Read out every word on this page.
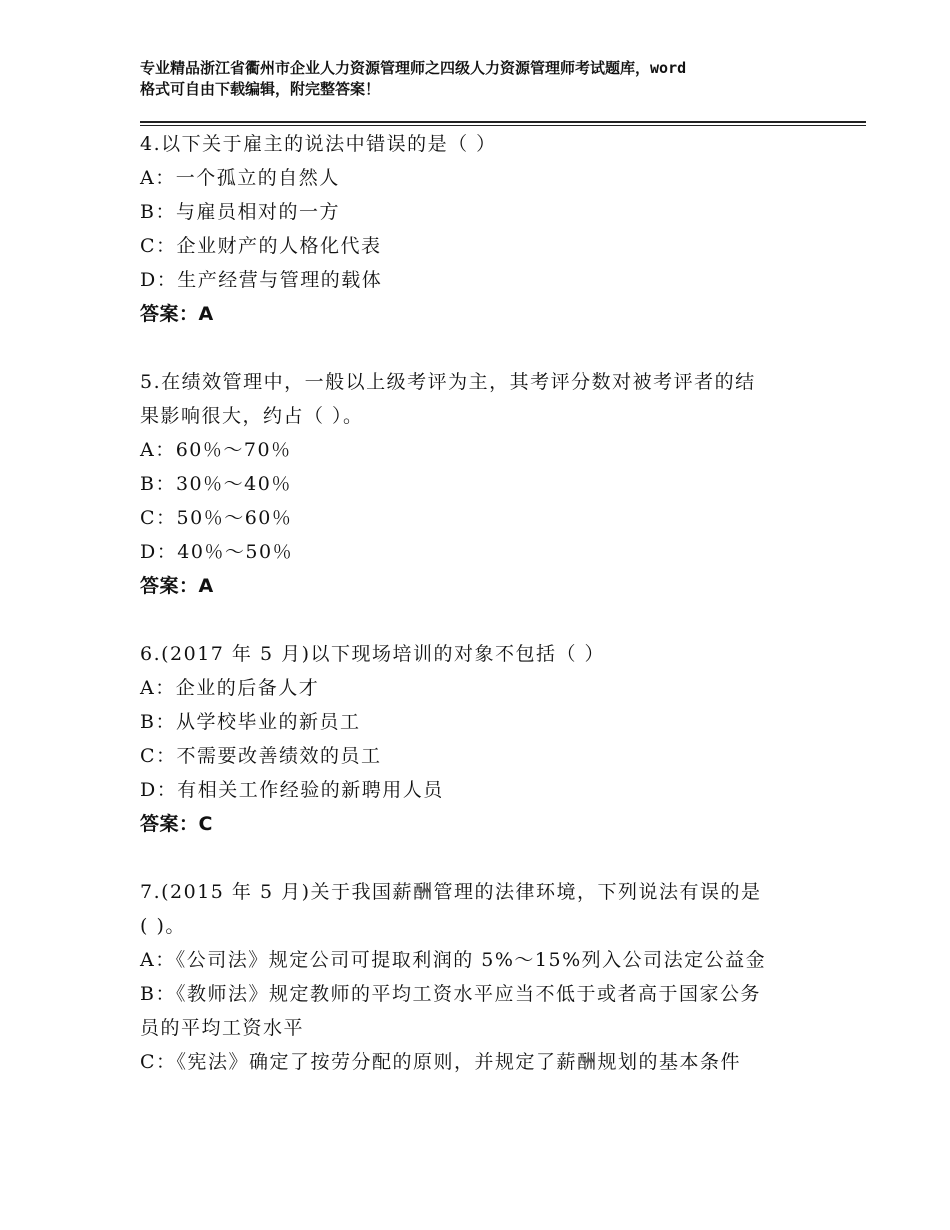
专业精品浙江省衢州市企业人力资源管理师之四级人力资源管理师考试题库，word
格式可自由下载编辑，附完整答案！
4.以下关于雇主的说法中错误的是（ ）
A：一个孤立的自然人
B：与雇员相对的一方
C：企业财产的人格化代表
D：生产经营与管理的载体
答案：A
5.在绩效管理中，一般以上级考评为主，其考评分数对被考评者的结
果影响很大，约占（ ）。
A：60％～70％
B：30％～40％
C：50％～60％
D：40％～50％
答案：A
6.(2017 年 5 月)以下现场培训的对象不包括（ ）
A：企业的后备人才
B：从学校毕业的新员工
C：不需要改善绩效的员工
D：有相关工作经验的新聘用人员
答案：C
7.(2015 年 5 月)关于我国薪酬管理的法律环境，下列说法有误的是
( )。
A：《公司法》规定公司可提取利润的 5%～15%列入公司法定公益金
B：《教师法》规定教师的平均工资水平应当不低于或者高于国家公务
员的平均工资水平
C：《宪法》确定了按劳分配的原则，并规定了薪酬规划的基本条件
